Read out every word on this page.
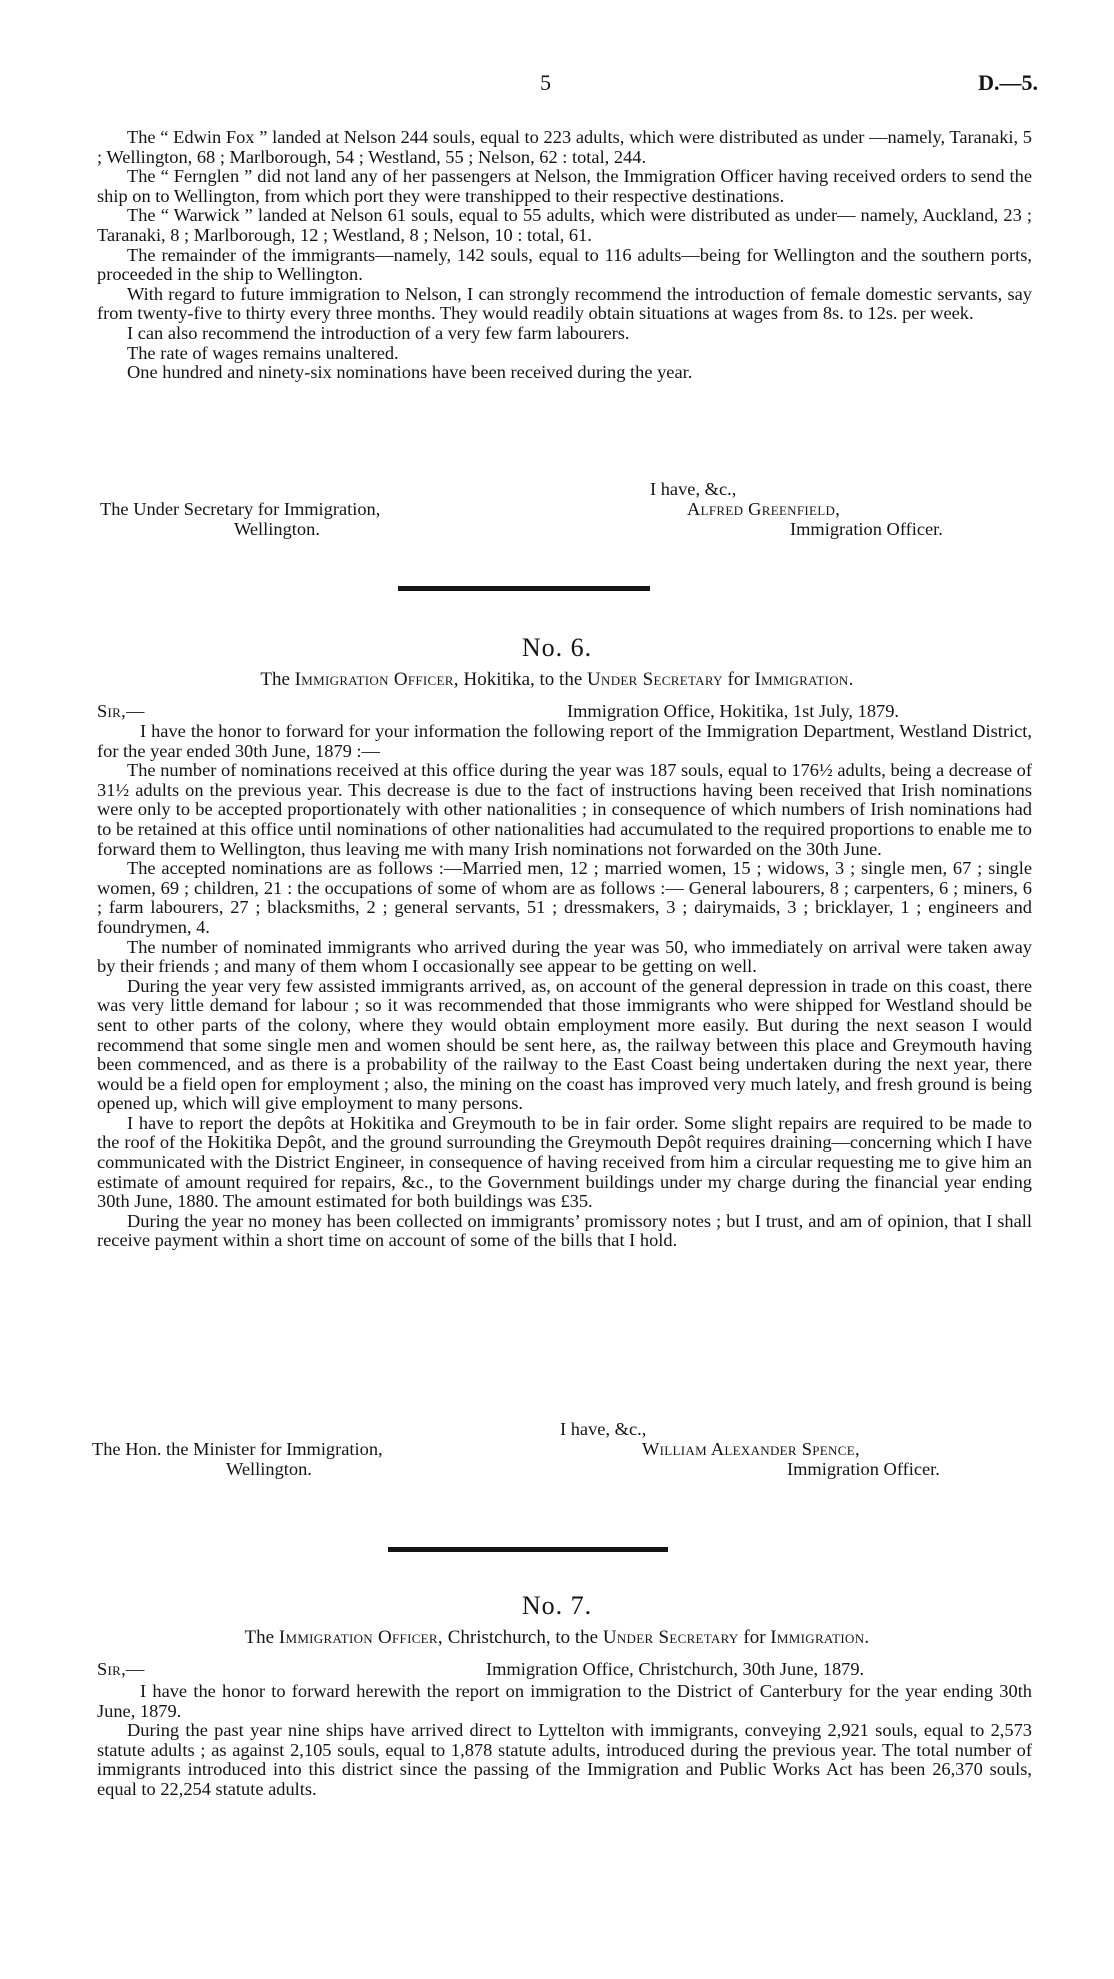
5	D.—5.

The “ Edwin Fox ” landed at Nelson 244 souls, equal to 223 adults, which were distributed as under —namely, Taranaki, 5 ; Wellington, 68 ; Marlborough, 54 ; Westland, 55 ; Nelson, 62 : total, 244.

The “ Fernglen ” did not land any of her passengers at Nelson, the Immigration Officer having received orders to send the ship on to Wellington, from which port they were transhipped to their respective destinations.

The “ Warwick ” landed at Nelson 61 souls, equal to 55 adults, which were distributed as under— namely, Auckland, 23 ; Taranaki, 8 ; Marlborough, 12 ; Westland, 8 ; Nelson, 10 : total, 61.

The remainder of the immigrants—namely, 142 souls, equal to 116 adults—being for Wellington and the southern ports, proceeded in the ship to Wellington.

With regard to future immigration to Nelson, I can strongly recommend the introduction of female domestic servants, say from twenty-five to thirty every three months. They would readily obtain situations at wages from 8s. to 12s. per week.

I can also recommend the introduction of a very few farm labourers.

The rate of wages remains unaltered.

One hundred and ninety-six nominations have been received during the year.

I have, &c.,
The Under Secretary for Immigration,	Alfred Greenfield,
Wellington.	Immigration Officer.
No. 6.
The Immigration Officer, Hokitika, to the Under Secretary for Immigration.
Sir,—	Immigration Office, Hokitika, 1st July, 1879.

I have the honor to forward for your information the following report of the Immigration Department, Westland District, for the year ended 30th June, 1879 :—

The number of nominations received at this office during the year was 187 souls, equal to 176½ adults, being a decrease of 31½ adults on the previous year. This decrease is due to the fact of instructions having been received that Irish nominations were only to be accepted proportionately with other nationalities ; in consequence of which numbers of Irish nominations had to be retained at this office until nominations of other nationalities had accumulated to the required proportions to enable me to forward them to Wellington, thus leaving me with many Irish nominations not forwarded on the 30th June.

The accepted nominations are as follows :—Married men, 12 ; married women, 15 ; widows, 3 ; single men, 67 ; single women, 69 ; children, 21 : the occupations of some of whom are as follows :— General labourers, 8 ; carpenters, 6 ; miners, 6 ; farm labourers, 27 ; blacksmiths, 2 ; general servants, 51 ; dressmakers, 3 ; dairymaids, 3 ; bricklayer, 1 ; engineers and foundrymen, 4.

The number of nominated immigrants who arrived during the year was 50, who immediately on arrival were taken away by their friends ; and many of them whom I occasionally see appear to be getting on well.

During the year very few assisted immigrants arrived, as, on account of the general depression in trade on this coast, there was very little demand for labour ; so it was recommended that those immigrants who were shipped for Westland should be sent to other parts of the colony, where they would obtain employment more easily. But during the next season I would recommend that some single men and women should be sent here, as, the railway between this place and Greymouth having been commenced, and as there is a probability of the railway to the East Coast being undertaken during the next year, there would be a field open for employment ; also, the mining on the coast has improved very much lately, and fresh ground is being opened up, which will give employment to many persons.

I have to report the depôts at Hokitika and Greymouth to be in fair order. Some slight repairs are required to be made to the roof of the Hokitika Depôt, and the ground surrounding the Greymouth Depôt requires draining—concerning which I have communicated with the District Engineer, in consequence of having received from him a circular requesting me to give him an estimate of amount required for repairs, &c., to the Government buildings under my charge during the financial year ending 30th June, 1880. The amount estimated for both buildings was £35.

During the year no money has been collected on immigrants’ promissory notes ; but I trust, and am of opinion, that I shall receive payment within a short time on account of some of the bills that I hold.

I have, &c.,
The Hon. the Minister for Immigration,	William Alexander Spence,
Wellington.	Immigration Officer.
No. 7.
The Immigration Officer, Christchurch, to the Under Secretary for Immigration.
Sir,—	Immigration Office, Christchurch, 30th June, 1879.

I have the honor to forward herewith the report on immigration to the District of Canterbury for the year ending 30th June, 1879.

During the past year nine ships have arrived direct to Lyttelton with immigrants, conveying 2,921 souls, equal to 2,573 statute adults ; as against 2,105 souls, equal to 1,878 statute adults, introduced during the previous year. The total number of immigrants introduced into this district since the passing of the Immigration and Public Works Act has been 26,370 souls, equal to 22,254 statute adults.
